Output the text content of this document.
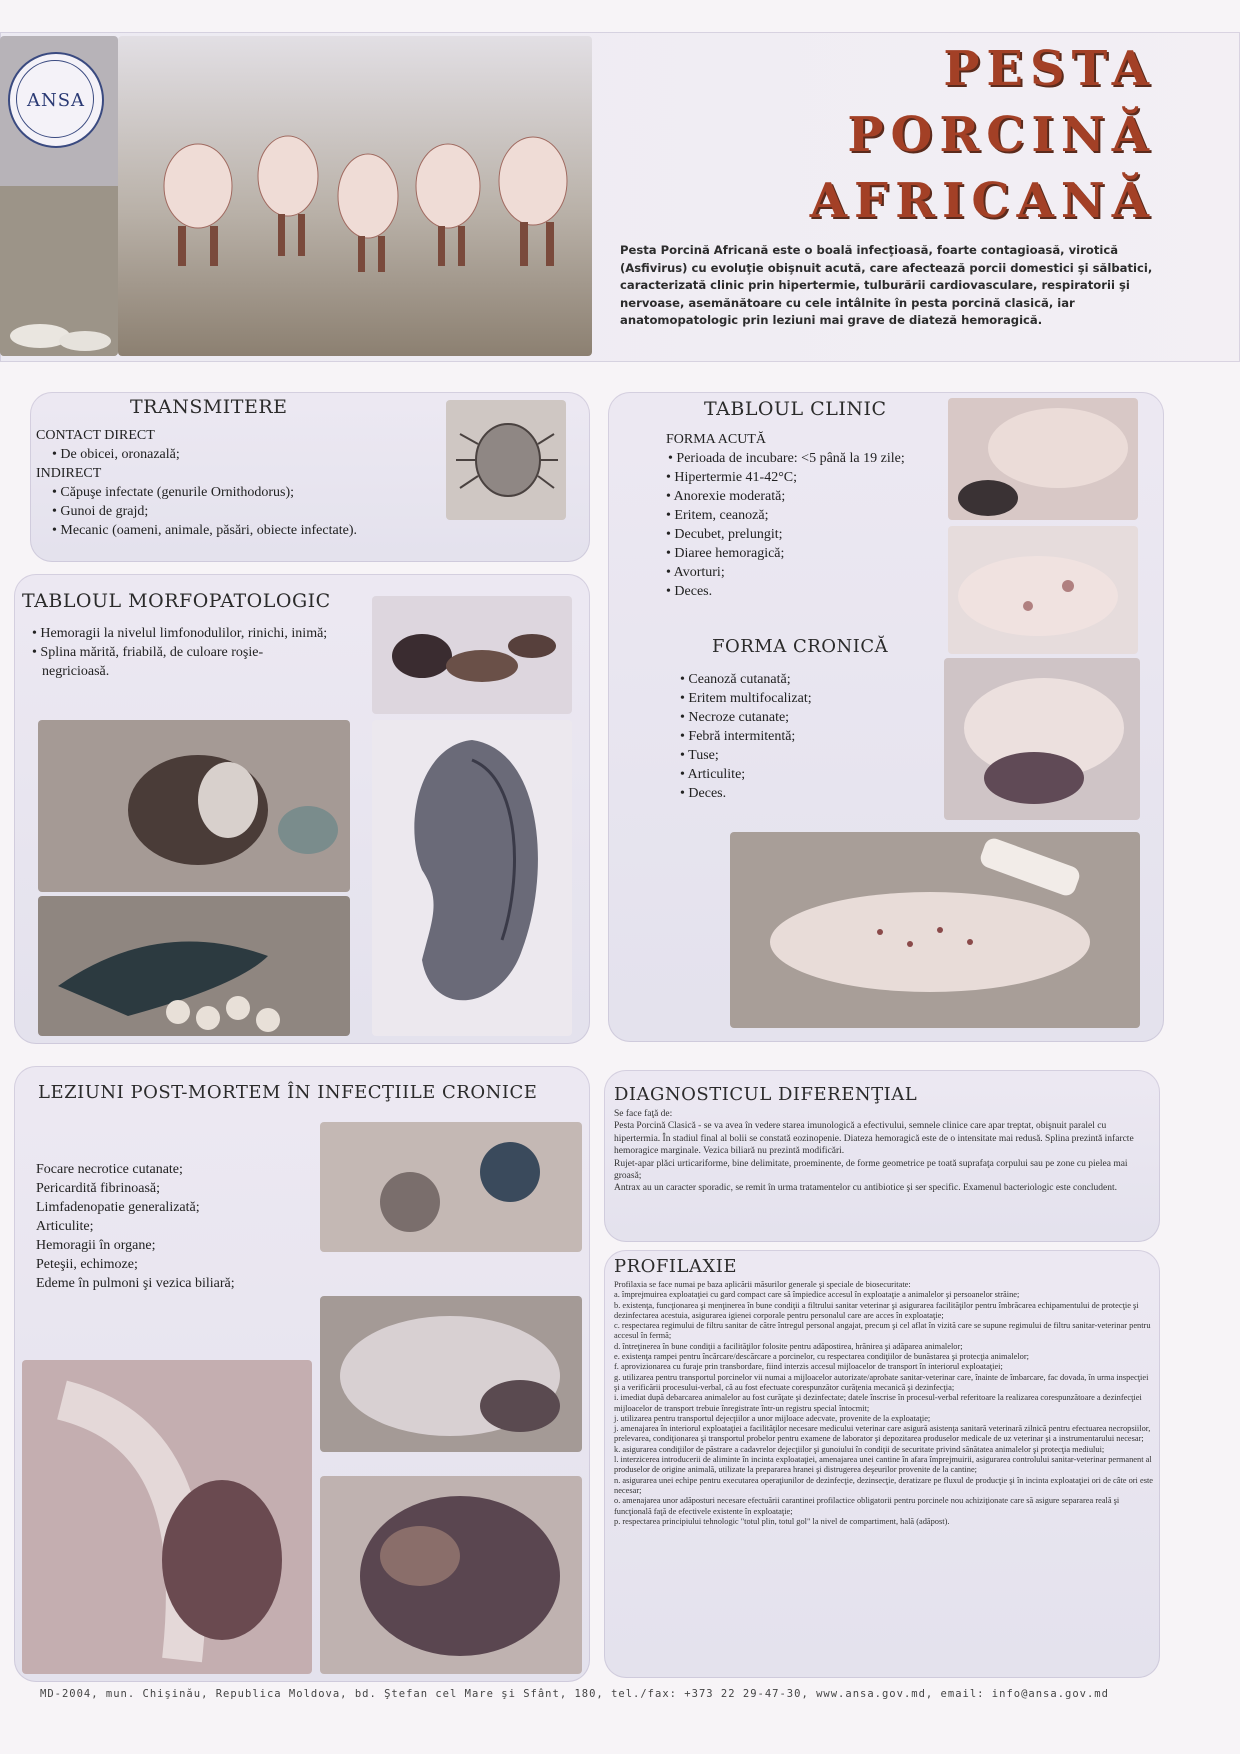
ANSA
PESTA
PORCINĂ
AFRICANĂ
Pesta Porcină Africană este o boală infecţioasă, foarte contagioasă, virotică (Asfivirus) cu evoluţie obişnuit acută, care afectează porcii domestici şi sălbatici, caracterizată clinic prin hipertermie, tulburării cardiovasculare, respiratorii şi nervoase, asemănătoare cu cele intâlnite în pesta porcină clasică, iar anatomopatologic prin leziuni mai grave de diateză hemoragică.
TRANSMITERE
CONTACT DIRECT
• De obicei, oronazală;
INDIRECT
• Căpuşe infectate (genurile Ornithodorus);
• Gunoi de grajd;
• Mecanic (oameni, animale, păsări, obiecte infectate).
TABLOUL MORFOPATOLOGIC
• Hemoragii la nivelul limfonodulilor, rinichi, inimă;
• Splina mărită, friabilă, de culoare roşie-negricioasă.
TABLOUL CLINIC
FORMA ACUTĂ
• Perioada de incubare: <5 până la 19 zile;
• Hipertermie 41-42°C;
• Anorexie moderată;
• Eritem, ceanoză;
• Decubet, prelungit;
• Diaree hemoragică;
• Avorturi;
• Deces.
FORMA CRONICĂ
• Ceanoză cutanată;
• Eritem multifocalizat;
• Necroze cutanate;
• Febră intermitentă;
• Tuse;
• Articulite;
• Deces.
LEZIUNI POST-MORTEM ÎN INFECŢIILE CRONICE
Focare necrotice cutanate;
Pericardită fibrinoasă;
Limfadenopatie generalizată;
Articulite;
Hemoragii în organe;
Peteşii, echimoze;
Edeme în pulmoni şi vezica biliară;
DIAGNOSTICUL DIFERENŢIAL
Se face faţă de:
Pesta Porcină Clasică - se va avea în vedere starea imunologică a efectivului, semnele clinice care apar treptat, obişnuit paralel cu hipertermia. În stadiul final al bolii se constată eozinopenie. Diateza hemoragică este de o intensitate mai redusă. Splina prezintă infarcte hemoragice marginale. Vezica biliară nu prezintă modificări.
Rujet-apar plăci urticariforme, bine delimitate, proeminente, de forme geometrice pe toată suprafaţa corpului sau pe zone cu pielea mai groasă;
Antrax au un caracter sporadic, se remit în urma tratamentelor cu antibiotice şi ser specific. Examenul bacteriologic este concludent.
PROFILAXIE
Profilaxia se face numai pe baza aplicării măsurilor generale şi speciale de biosecuritate:
a. împrejmuirea exploataţiei cu gard compact care să împiedice accesul în exploataţie a animalelor şi persoanelor străine;
b. existenţa, funcţionarea şi menţinerea în bune condiţii a filtrului sanitar veterinar şi asigurarea facilităţilor pentru îmbrăcarea echipamentului de protecţie şi dezinfectarea acestuia, asigurarea igienei corporale pentru personalul care are acces în exploataţie;
c. respectarea regimului de filtru sanitar de către întregul personal angajat, precum şi cel aflat în vizită care se supune regimului de filtru sanitar-veterinar pentru accesul în fermă;
d. întreţinerea în bune condiţii a facilităţilor folosite pentru adăpostirea, hrănirea şi adăparea animalelor;
e. existenţa rampei pentru încărcare/descărcare a porcinelor, cu respectarea condiţiilor de bunăstarea şi protecţia animalelor;
f. aprovizionarea cu furaje prin transbordare, fiind interzis accesul mijloacelor de transport în interiorul exploataţiei;
g. utilizarea pentru transportul porcinelor vii numai a mijloacelor autorizate/aprobate sanitar-veterinar care, înainte de îmbarcare, fac dovada, în urma inspecţiei şi a verificării procesului-verbal, că au fost efectuate corespunzător curăţenia mecanică şi dezinfecţia;
i. imediat după debarcarea animalelor au fost curăţate şi dezinfectate; datele înscrise în procesul-verbal referitoare la realizarea corespunzătoare a dezinfecţiei mijloacelor de transport trebuie înregistrate într-un registru special întocmit;
j. utilizarea pentru transportul dejecţiilor a unor mijloace adecvate, provenite de la exploataţie;
j. amenajarea în interiorul exploataţiei a facilităţilor necesare medicului veterinar care asigură asistenţa sanitară veterinară zilnică pentru efectuarea necropsiilor, prelevarea, condiţionarea şi transportul probelor pentru examene de laborator şi depozitarea produselor medicale de uz veterinar şi a instrumentarului necesar;
k. asigurarea condiţiilor de păstrare a cadavrelor dejecţiilor şi gunoiului în condiţii de securitate privind sănătatea animalelor şi protecţia mediului;
l. interzicerea introducerii de aliminte în incinta exploataţiei, amenajarea unei cantine în afara împrejmuirii, asigurarea controlului sanitar-veterinar permanent al produselor de origine animală, utilizate la prepararea hranei şi distrugerea deşeurilor provenite de la cantine;
n. asigurarea unei echipe pentru executarea operaţiunilor de dezinfecţie, dezinsecţie, deratizare pe fluxul de producţie şi în incinta exploataţiei ori de câte ori este necesar;
o. amenajarea unor adăposturi necesare efectuării carantinei profilactice obligatorii pentru porcinele nou achiziţionate care să asigure separarea reală şi funcţională faţă de efectivele existente în exploataţie;
p. respectarea principiului tehnologic "totul plin, totul gol" la nivel de compartiment, hală (adăpost).
MD-2004, mun. Chişinău, Republica Moldova, bd. Ştefan cel Mare şi Sfânt, 180, tel./fax: +373 22 29-47-30, www.ansa.gov.md, email: info@ansa.gov.md
